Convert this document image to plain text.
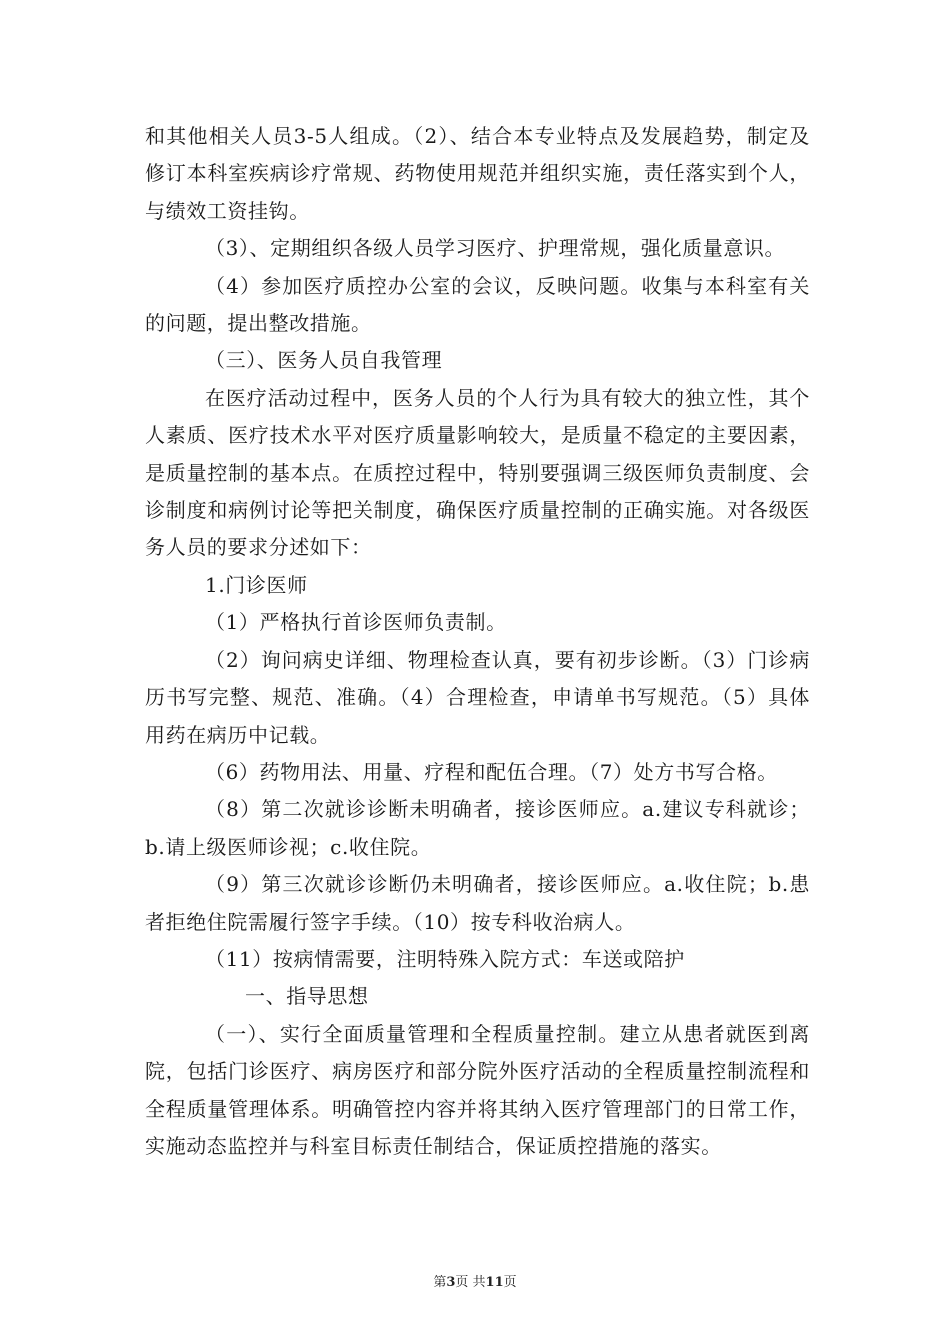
和其他相关人员3-5人组成。（2）、结合本专业特点及发展趋势，制定及修订本科室疾病诊疗常规、药物使用规范并组织实施，责任落实到个人，与绩效工资挂钩。

（3）、定期组织各级人员学习医疗、护理常规，强化质量意识。

（4）参加医疗质控办公室的会议，反映问题。收集与本科室有关的问题，提出整改措施。

（三）、医务人员自我管理

在医疗活动过程中，医务人员的个人行为具有较大的独立性，其个人素质、医疗技术水平对医疗质量影响较大，是质量不稳定的主要因素，是质量控制的基本点。在质控过程中，特别要强调三级医师负责制度、会诊制度和病例讨论等把关制度，确保医疗质量控制的正确实施。对各级医务人员的要求分述如下：

1.门诊医师

（1）严格执行首诊医师负责制。

（2）询问病史详细、物理检查认真，要有初步诊断。（3）门诊病历书写完整、规范、准确。（4）合理检查，申请单书写规范。（5）具体用药在病历中记载。

（6）药物用法、用量、疗程和配伍合理。（7）处方书写合格。

（8）第二次就诊诊断未明确者，接诊医师应。a.建议专科就诊；b.请上级医师诊视；c.收住院。

（9）第三次就诊诊断仍未明确者，接诊医师应。a.收住院；b.患者拒绝住院需履行签字手续。（10）按专科收治病人。

（11）按病情需要，注明特殊入院方式：车送或陪护

一、指导思想

（一）、实行全面质量管理和全程质量控制。建立从患者就医到离院，包括门诊医疗、病房医疗和部分院外医疗活动的全程质量控制流程和全程质量管理体系。明确管控内容并将其纳入医疗管理部门的日常工作，实施动态监控并与科室目标责任制结合，保证质控措施的落实。

第3页 共11页
